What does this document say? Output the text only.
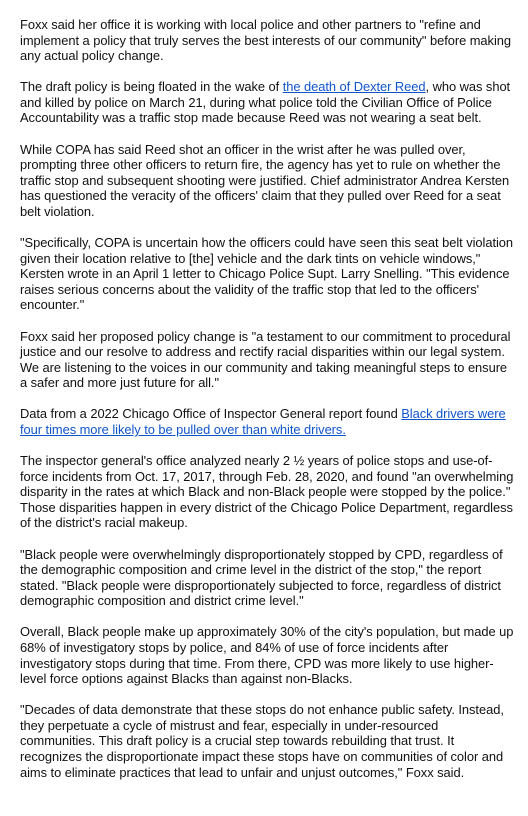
Foxx said her office it is working with local police and other partners to "refine and implement a policy that truly serves the best interests of our community" before making any actual policy change.

The draft policy is being floated in the wake of the death of Dexter Reed, who was shot and killed by police on March 21, during what police told the Civilian Office of Police Accountability was a traffic stop made because Reed was not wearing a seat belt.

While COPA has said Reed shot an officer in the wrist after he was pulled over, prompting three other officers to return fire, the agency has yet to rule on whether the traffic stop and subsequent shooting were justified. Chief administrator Andrea Kersten has questioned the veracity of the officers' claim that they pulled over Reed for a seat belt violation.

"Specifically, COPA is uncertain how the officers could have seen this seat belt violation given their location relative to [the] vehicle and the dark tints on vehicle windows," Kersten wrote in an April 1 letter to Chicago Police Supt. Larry Snelling. "This evidence raises serious concerns about the validity of the traffic stop that led to the officers' encounter."

Foxx said her proposed policy change is "a testament to our commitment to procedural justice and our resolve to address and rectify racial disparities within our legal system. We are listening to the voices in our community and taking meaningful steps to ensure a safer and more just future for all."

Data from a 2022 Chicago Office of Inspector General report found Black drivers were four times more likely to be pulled over than white drivers.

The inspector general's office analyzed nearly 2 ½ years of police stops and use-of-force incidents from Oct. 17, 2017, through Feb. 28, 2020, and found "an overwhelming disparity in the rates at which Black and non-Black people were stopped by the police." Those disparities happen in every district of the Chicago Police Department, regardless of the district's racial makeup.

"Black people were overwhelmingly disproportionately stopped by CPD, regardless of the demographic composition and crime level in the district of the stop," the report stated. "Black people were disproportionately subjected to force, regardless of district demographic composition and district crime level."

Overall, Black people make up approximately 30% of the city's population, but made up 68% of investigatory stops by police, and 84% of use of force incidents after investigatory stops during that time. From there, CPD was more likely to use higher-level force options against Blacks than against non-Blacks.

"Decades of data demonstrate that these stops do not enhance public safety. Instead, they perpetuate a cycle of mistrust and fear, especially in under-resourced communities. This draft policy is a crucial step towards rebuilding that trust. It recognizes the disproportionate impact these stops have on communities of color and aims to eliminate practices that lead to unfair and unjust outcomes," Foxx said.
